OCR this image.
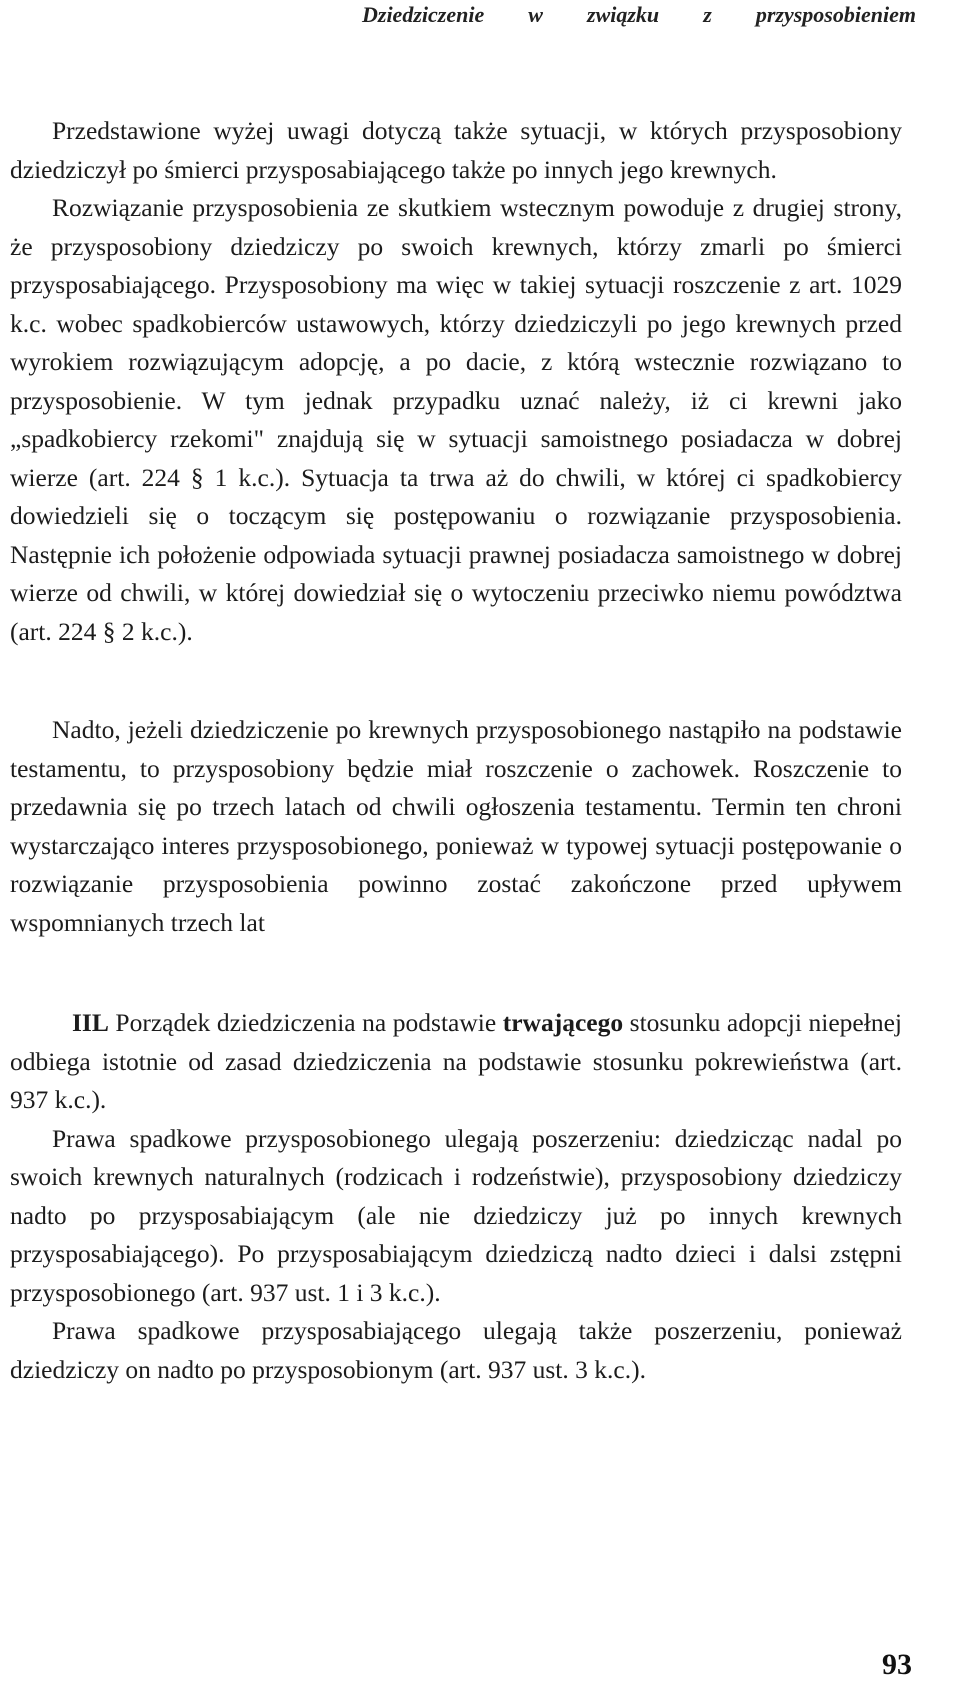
Dziedziczenie w związku z przysposobieniem

Przedstawione wyżej uwagi dotyczą także sytuacji, w których przysposobiony dziedziczył po śmierci przysposabiającego także po innych jego krewnych.

Rozwiązanie przysposobienia ze skutkiem wstecznym powoduje z drugiej strony, że przysposobiony dziedziczy po swoich krewnych, którzy zmarli po śmierci przysposabiającego. Przysposobiony ma więc w takiej sytuacji roszczenie z art. 1029 k.c. wobec spadkobierców ustawowych, którzy dziedziczyli po jego krewnych przed wyrokiem rozwiązującym adopcję, a po dacie, z którą wstecznie rozwiązano to przysposobienie. W tym jednak przypadku uznać należy, iż ci krewni jako „spadkobiercy rzekomi" znajdują się w sytuacji samoistnego posiadacza w dobrej wierze (art. 224 § 1 k.c.). Sytuacja ta trwa aż do chwili, w której ci spadkobiercy dowiedzieli się o toczącym się postępowaniu o rozwiązanie przysposobienia. Następnie ich położenie odpowiada sytuacji prawnej posiadacza samoistnego w dobrej wierze od chwili, w której dowiedział się o wytoczeniu przeciwko niemu powództwa (art. 224 § 2 k.c.).

Nadto, jeżeli dziedziczenie po krewnych przysposobionego nastąpiło na podstawie testamentu, to przysposobiony będzie miał roszczenie o zachowek. Roszczenie to przedawnia się po trzech latach od chwili ogłoszenia testamentu. Termin ten chroni wystarczająco interes przysposobionego, ponieważ w typowej sytuacji postępowanie o rozwiązanie przysposobienia powinno zostać zakończone przed upływem wspomnianych trzech lat

IIL Porządek dziedziczenia na podstawie trwającego stosunku adopcji niepełnej odbiega istotnie od zasad dziedziczenia na podstawie stosunku pokrewieństwa (art. 937 k.c.).

Prawa spadkowe przysposobionego ulegają poszerzeniu: dziedzicząc nadal po swoich krewnych naturalnych (rodzicach i rodzeństwie), przysposobiony dziedziczy nadto po przysposabiającym (ale nie dziedziczy już po innych krewnych przysposabiającego). Po przysposabiającym dziedziczą nadto dzieci i dalsi zstępni przysposobionego (art. 937 ust. 1 i 3 k.c.).

Prawa spadkowe przysposabiającego ulegają także poszerzeniu, ponieważ dziedziczy on nadto po przysposobionym (art. 937 ust. 3 k.c.).

93
